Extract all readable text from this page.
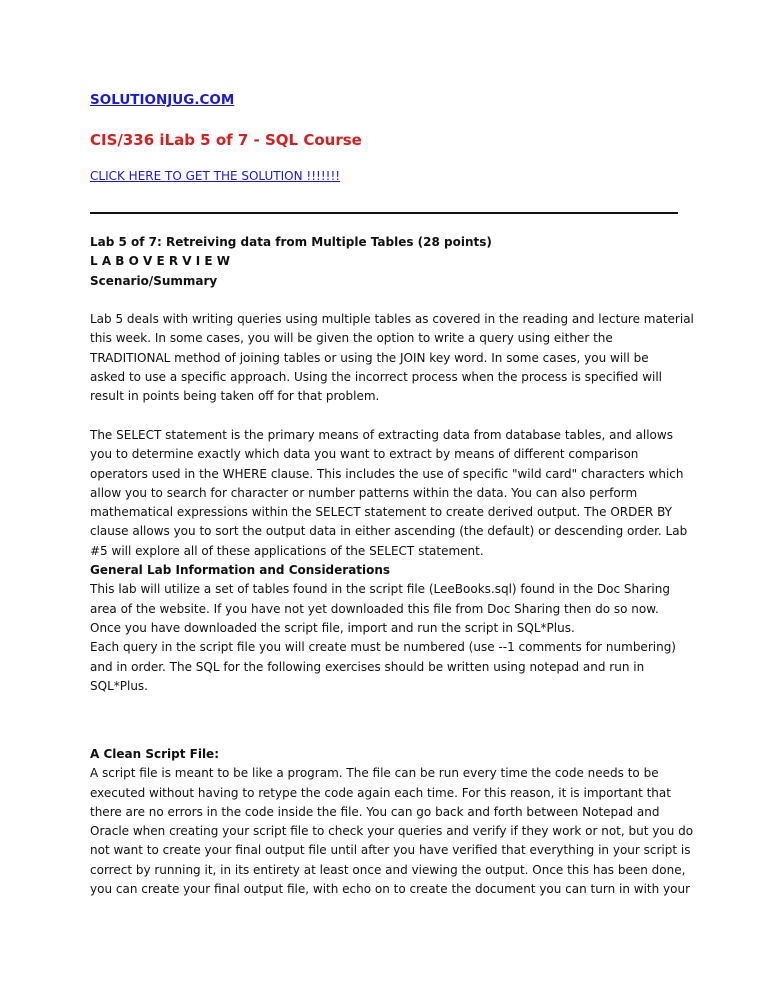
SOLUTIONJUG.COM
CIS/336 iLab 5 of 7 - SQL Course
CLICK HERE TO GET THE SOLUTION !!!!!!!
Lab 5 of 7: Retreiving data from Multiple Tables (28 points)
L A B O V E R V I E W
Scenario/Summary
Lab 5 deals with writing queries using multiple tables as covered in the reading and lecture material
this week. In some cases, you will be given the option to write a query using either the
TRADITIONAL method of joining tables or using the JOIN key word. In some cases, you will be
asked to use a specific approach. Using the incorrect process when the process is specified will
result in points being taken off for that problem.
The SELECT statement is the primary means of extracting data from database tables, and allows
you to determine exactly which data you want to extract by means of different comparison
operators used in the WHERE clause. This includes the use of specific "wild card" characters which
allow you to search for character or number patterns within the data. You can also perform
mathematical expressions within the SELECT statement to create derived output. The ORDER BY
clause allows you to sort the output data in either ascending (the default) or descending order. Lab
#5 will explore all of these applications of the SELECT statement.
General Lab Information and Considerations
This lab will utilize a set of tables found in the script file (LeeBooks.sql) found in the Doc Sharing
area of the website. If you have not yet downloaded this file from Doc Sharing then do so now.
Once you have downloaded the script file, import and run the script in SQL*Plus.
Each query in the script file you will create must be numbered (use --1 comments for numbering)
and in order. The SQL for the following exercises should be written using notepad and run in
SQL*Plus.
A Clean Script File:
A script file is meant to be like a program. The file can be run every time the code needs to be
executed without having to retype the code again each time. For this reason, it is important that
there are no errors in the code inside the file. You can go back and forth between Notepad and
Oracle when creating your script file to check your queries and verify if they work or not, but you do
not want to create your final output file until after you have verified that everything in your script is
correct by running it, in its entirety at least once and viewing the output. Once this has been done,
you can create your final output file, with echo on to create the document you can turn in with your
